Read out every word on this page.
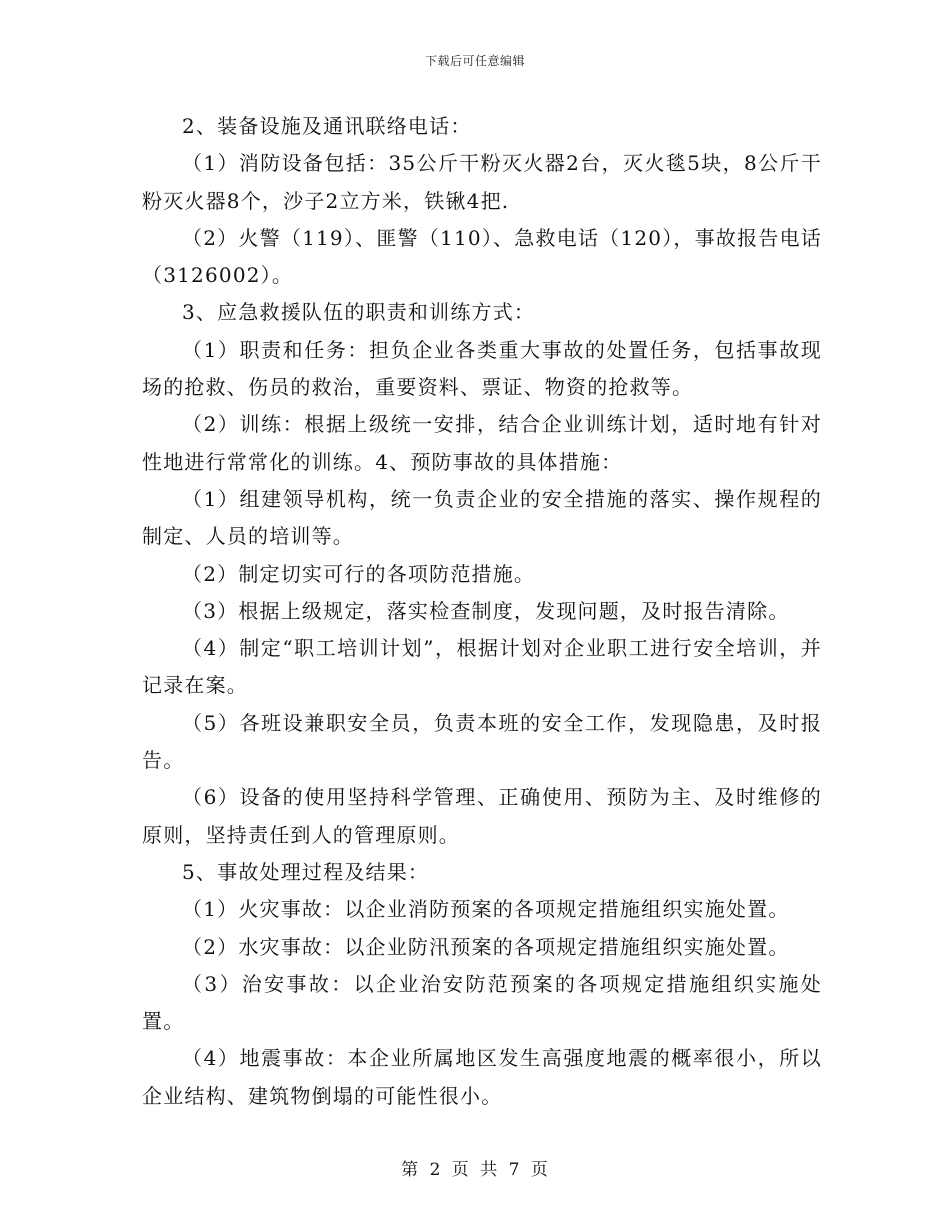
下载后可任意编辑

2、装备设施及通讯联络电话：

（1）消防设备包括：35公斤干粉灭火器2台，灭火毯5块，8公斤干粉灭火器8个，沙子2立方米，铁锹4把.

（2）火警（119）、匪警（110）、急救电话（120），事故报告电话（3126002）。

3、应急救援队伍的职责和训练方式：

（1）职责和任务：担负企业各类重大事故的处置任务，包括事故现场的抢救、伤员的救治，重要资料、票证、物资的抢救等。

（2）训练：根据上级统一安排，结合企业训练计划，适时地有针对性地进行常常化的训练。4、预防事故的具体措施：

（1）组建领导机构，统一负责企业的安全措施的落实、操作规程的制定、人员的培训等。

（2）制定切实可行的各项防范措施。

（3）根据上级规定，落实检查制度，发现问题，及时报告清除。

（4）制定“职工培训计划”，根据计划对企业职工进行安全培训，并记录在案。

（5）各班设兼职安全员，负责本班的安全工作，发现隐患，及时报告。

（6）设备的使用坚持科学管理、正确使用、预防为主、及时维修的原则，坚持责任到人的管理原则。

5、事故处理过程及结果：

（1）火灾事故：以企业消防预案的各项规定措施组织实施处置。

（2）水灾事故：以企业防汛预案的各项规定措施组织实施处置。

（3）治安事故：以企业治安防范预案的各项规定措施组织实施处置。

（4）地震事故：本企业所属地区发生高强度地震的概率很小，所以企业结构、建筑物倒塌的可能性很小。

第 2 页 共 7 页
